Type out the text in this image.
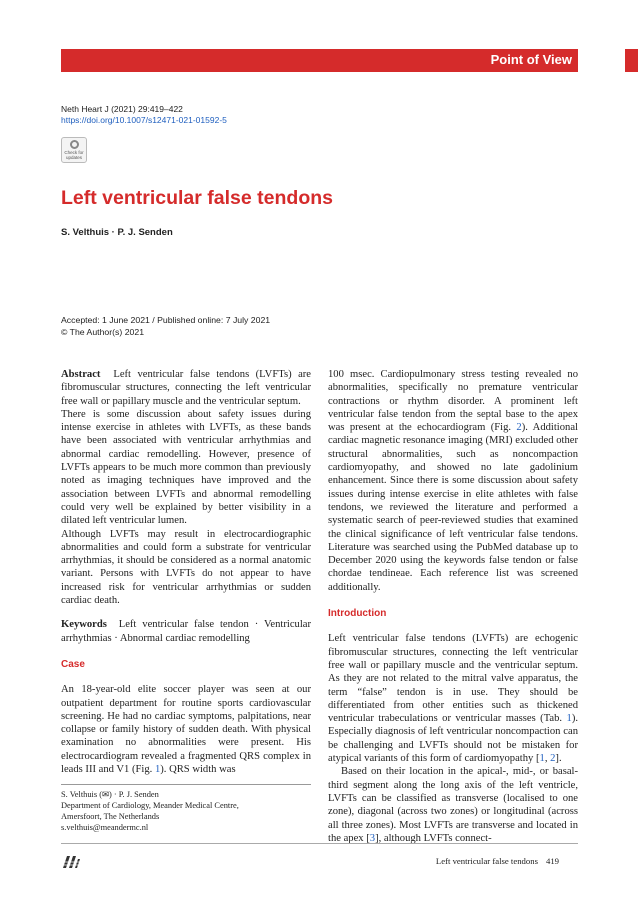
Point of View
Neth Heart J (2021) 29:419–422
https://doi.org/10.1007/s12471-021-01592-5
Check for
updates
Left ventricular false tendons
S. Velthuis · P. J. Senden
Accepted: 1 June 2021 / Published online: 7 July 2021
© The Author(s) 2021

Abstract Left ventricular false tendons (LVFTs) are fibromuscular structures, connecting the left ventricular free wall or papillary muscle and the ventricular septum.

There is some discussion about safety issues during intense exercise in athletes with LVFTs, as these bands have been associated with ventricular arrhythmias and abnormal cardiac remodelling. However, presence of LVFTs appears to be much more common than previously noted as imaging techniques have improved and the association between LVFTs and abnormal remodelling could very well be explained by better visibility in a dilated left ventricular lumen.

Although LVFTs may result in electrocardiographic abnormalities and could form a substrate for ventricular arrhythmias, it should be considered as a normal anatomic variant. Persons with LVFTs do not appear to have increased risk for ventricular arrhythmias or sudden cardiac death.

Keywords Left ventricular false tendon · Ventricular arrhythmias · Abnormal cardiac remodelling

Case

An 18-year-old elite soccer player was seen at our outpatient department for routine sports cardiovascular screening. He had no cardiac symptoms, palpitations, near collapse or family history of sudden death. With physical examination no abnormalities were present. His electrocardiogram revealed a fragmented QRS complex in leads III and V1 (Fig. 1). QRS width was

S. Velthuis (✉) · P. J. Senden
Department of Cardiology, Meander Medical Centre,
Amersfoort, The Netherlands
s.velthuis@meandermc.nl

100 msec. Cardiopulmonary stress testing revealed no abnormalities, specifically no premature ventricular contractions or rhythm disorder. A prominent left ventricular false tendon from the septal base to the apex was present at the echocardiogram (Fig. 2). Additional cardiac magnetic resonance imaging (MRI) excluded other structural abnormalities, such as noncompaction cardiomyopathy, and showed no late gadolinium enhancement. Since there is some discussion about safety issues during intense exercise in elite athletes with false tendons, we reviewed the literature and performed a systematic search of peer-reviewed studies that examined the clinical significance of left ventricular false tendons. Literature was searched using the PubMed database up to December 2020 using the keywords false tendon or false chordae tendineae. Each reference list was screened additionally.

Introduction

Left ventricular false tendons (LVFTs) are echogenic fibromuscular structures, connecting the left ventricular free wall or papillary muscle and the ventricular septum. As they are not related to the mitral valve apparatus, the term “false” tendon is in use. They should be differentiated from other entities such as thickened ventricular trabeculations or ventricular masses (Tab. 1). Especially diagnosis of left ventricular noncompaction can be challenging and LVFTs should not be mistaken for atypical variants of this form of cardiomyopathy [1, 2].

Based on their location in the apical-, mid-, or basal-third segment along the long axis of the left ventricle, LVFTs can be classified as transverse (localised to one zone), diagonal (across two zones) or longitudinal (across all three zones). Most LVFTs are transverse and located in the apex [3], although LVFTs connect-

Left ventricular false tendons 419
